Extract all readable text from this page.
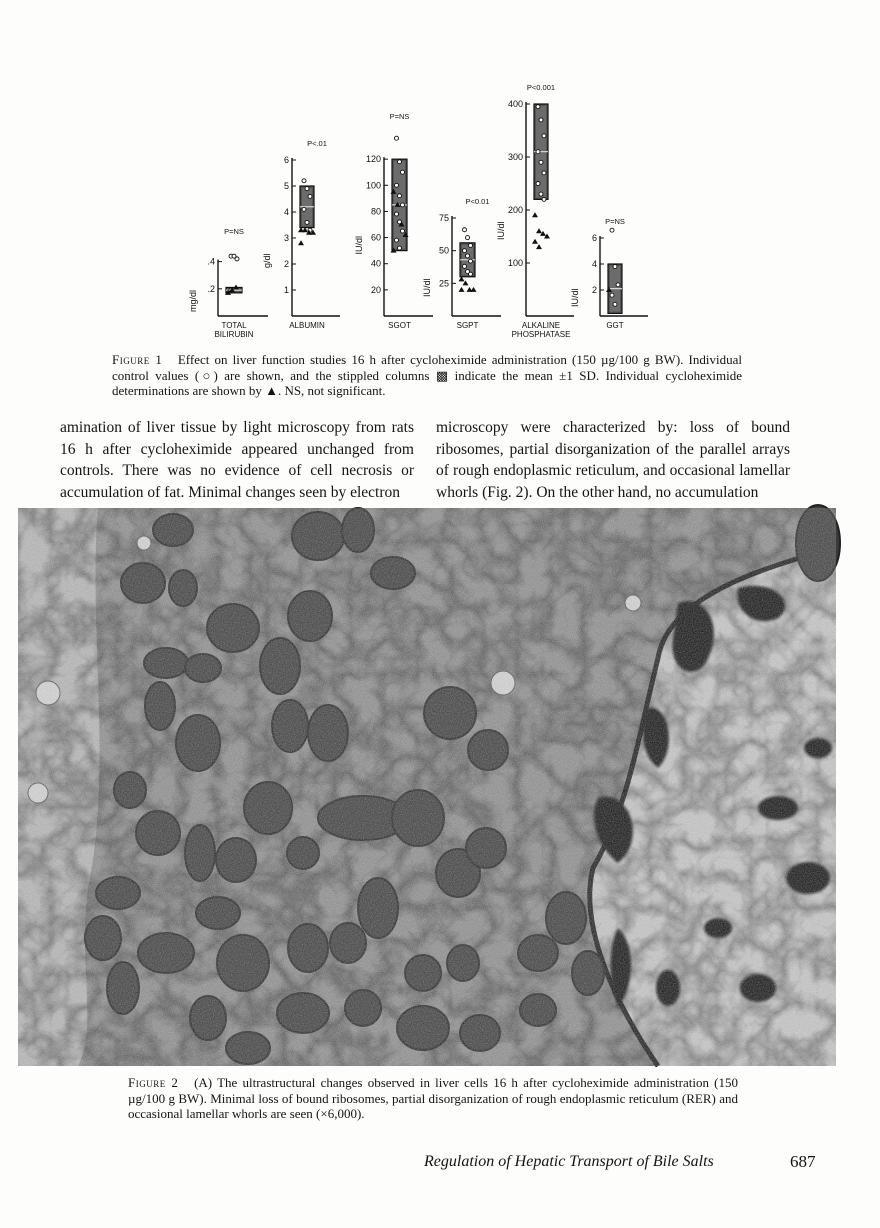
.2
.4
mg/dl
P=NS
TOTAL
BILIRUBIN
1
2
3
4
5
6
g/dl
P<.01
ALBUMIN
20
40
60
80
100
120
IU/dl
P=NS
SGOT
25
50
75
IU/dl
P<0.01
SGPT
100
200
300
400
IU/dl
P<0.001
ALKALINE
PHOSPHATASE
2
4
6
IU/dl
P=NS
GGT
Figure 1 Effect on liver function studies 16 h after cycloheximide administration (150 µg/100 g BW). Individual control values (○) are shown, and the stippled columns ▩ indicate the mean ±1 SD. Individual cycloheximide determinations are shown by ▲. NS, not significant.
amination of liver tissue by light microscopy from rats 16 h after cycloheximide appeared unchanged from controls. There was no evidence of cell necrosis or accumulation of fat. Minimal changes seen by electron
microscopy were characterized by: loss of bound ribosomes, partial disorganization of the parallel arrays of rough endoplasmic reticulum, and occasional lamellar whorls (Fig. 2). On the other hand, no accumulation
Figure 2 (A) The ultrastructural changes observed in liver cells 16 h after cycloheximide administration (150 µg/100 g BW). Minimal loss of bound ribosomes, partial disorganization of rough endoplasmic reticulum (RER) and occasional lamellar whorls are seen (×6,000).
Regulation of Hepatic Transport of Bile Salts	687
